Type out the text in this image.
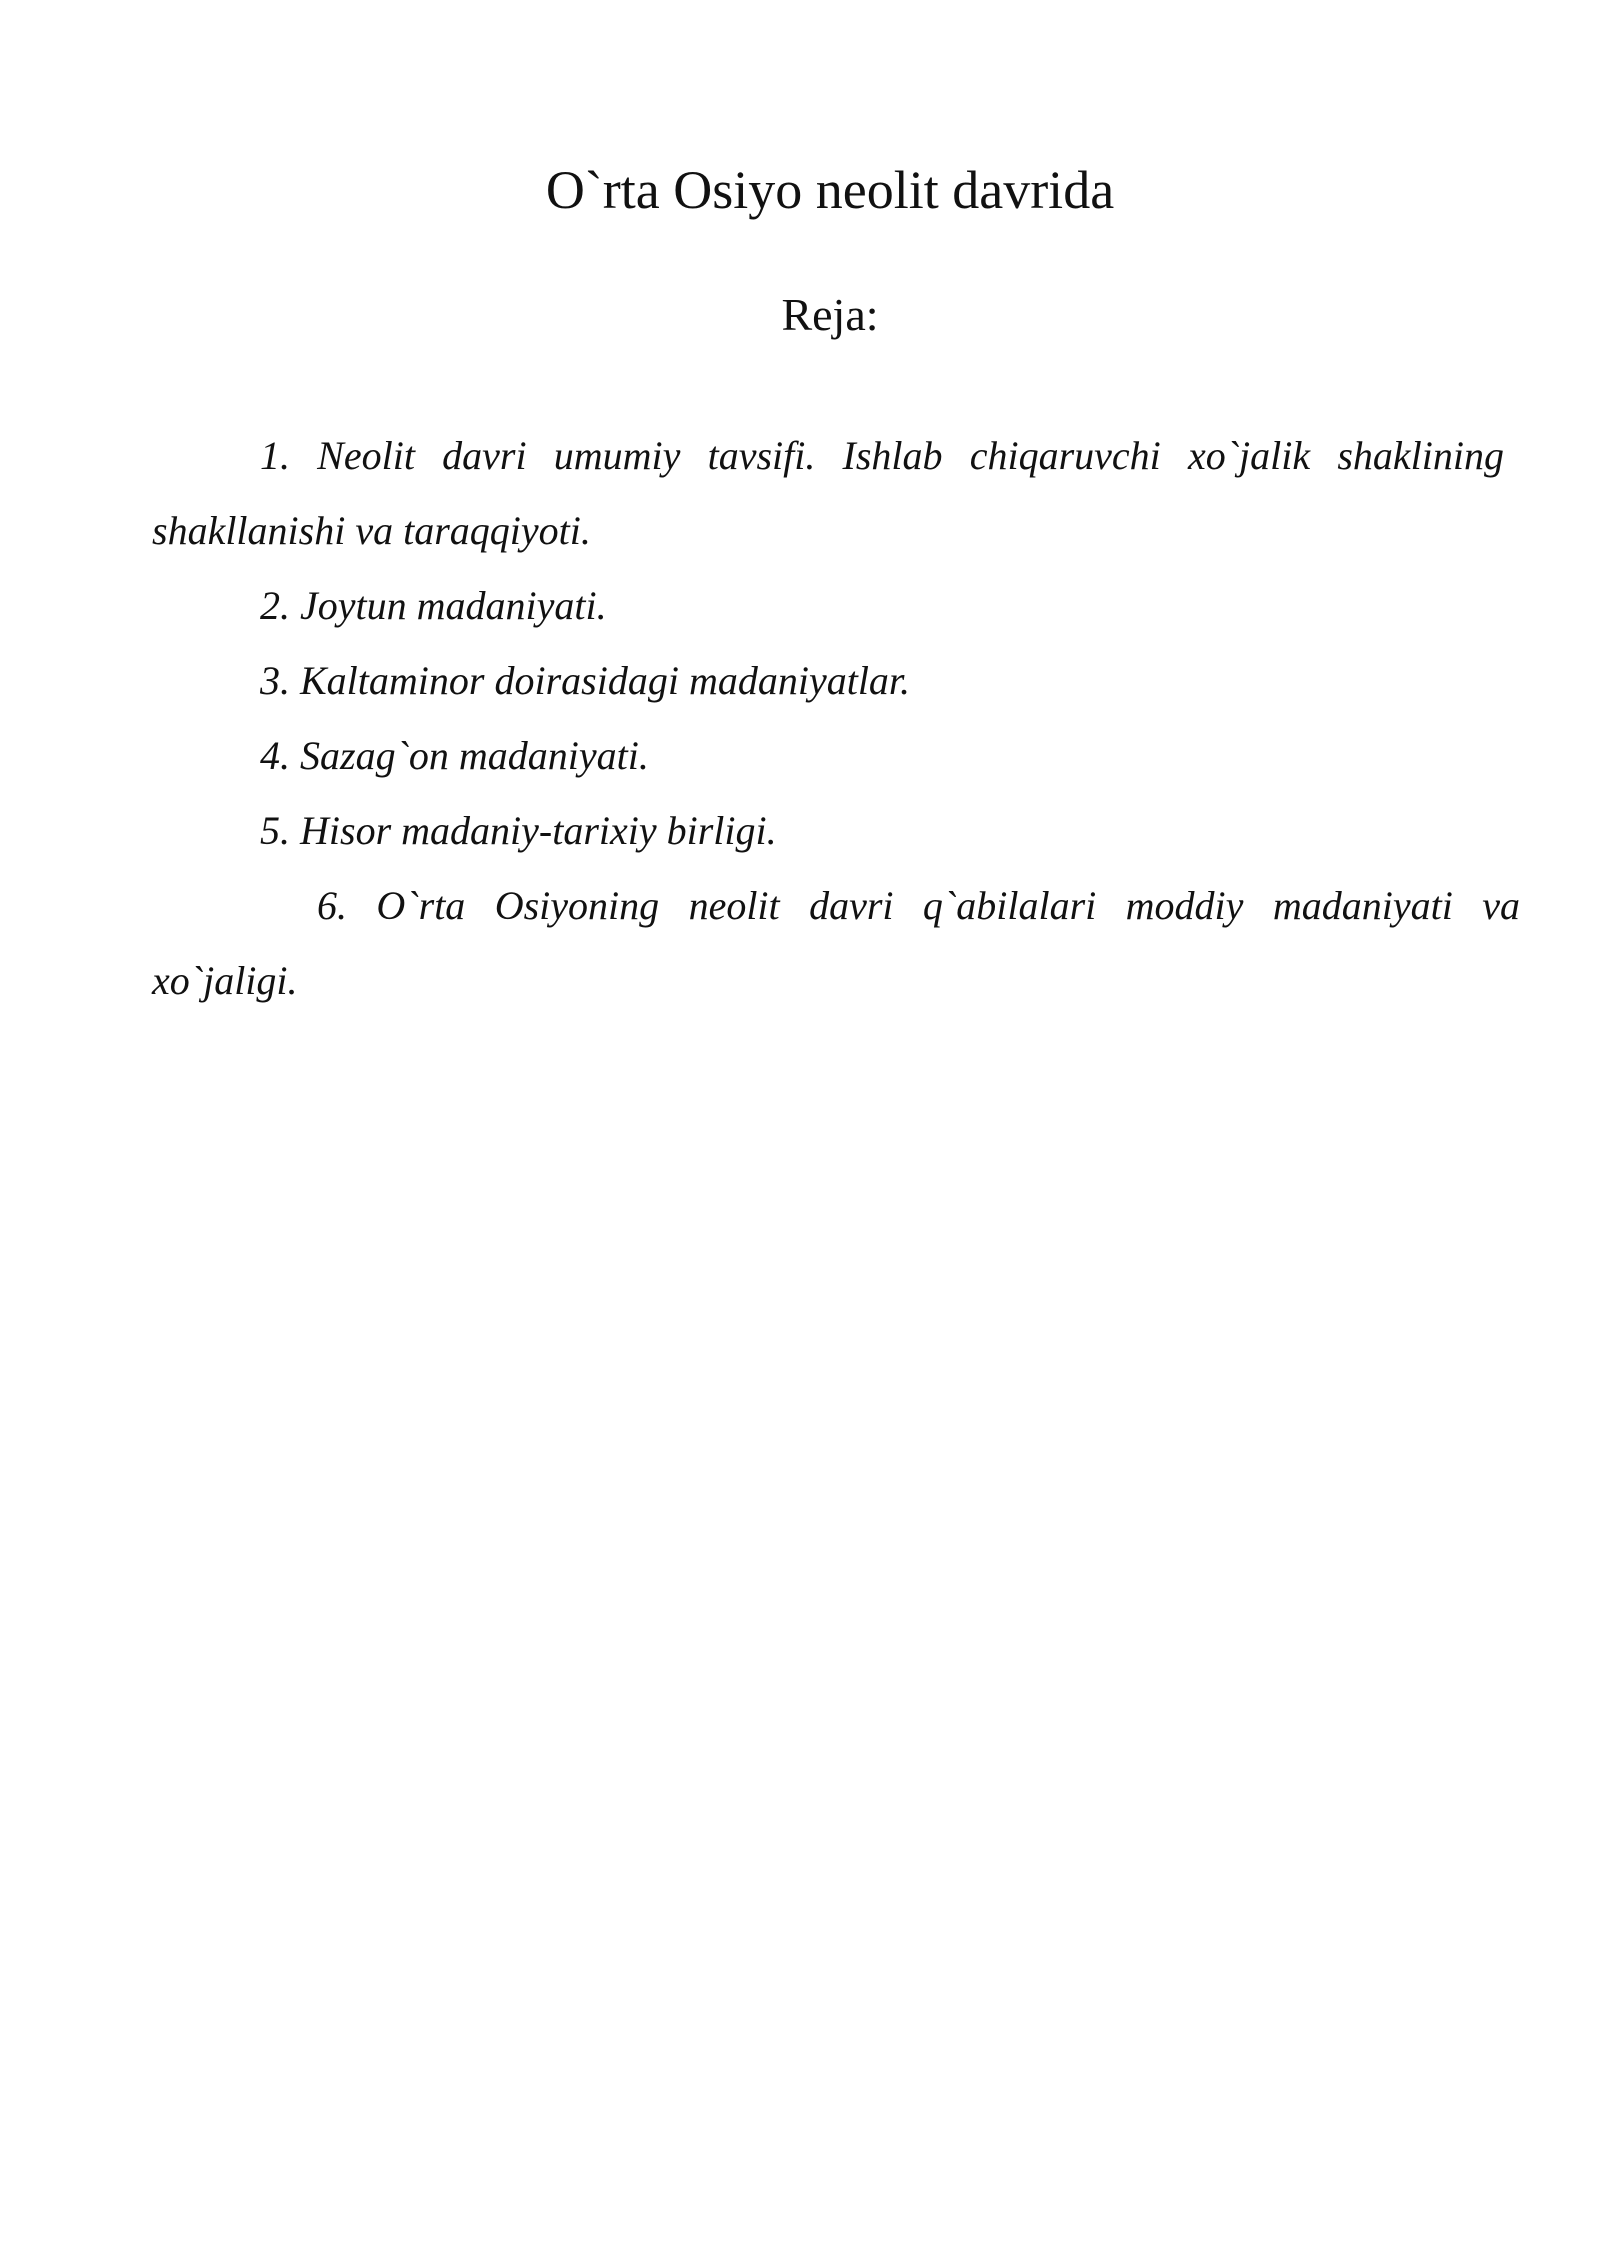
O`rta Osiyo neolit davrida
Reja:

1. Neolit davri umumiy tavsifi. Ishlab chiqaruvchi xo`jalik shaklining
shakllanishi va taraqqiyoti.

2. Joytun madaniyati.

3. Kaltaminor doirasidagi madaniyatlar.

4. Sazag`on madaniyati.

5. Hisor madaniy-tarixiy birligi.

6. O`rta Osiyoning neolit davri q`abilalari moddiy madaniyati va
xo`jaligi.
